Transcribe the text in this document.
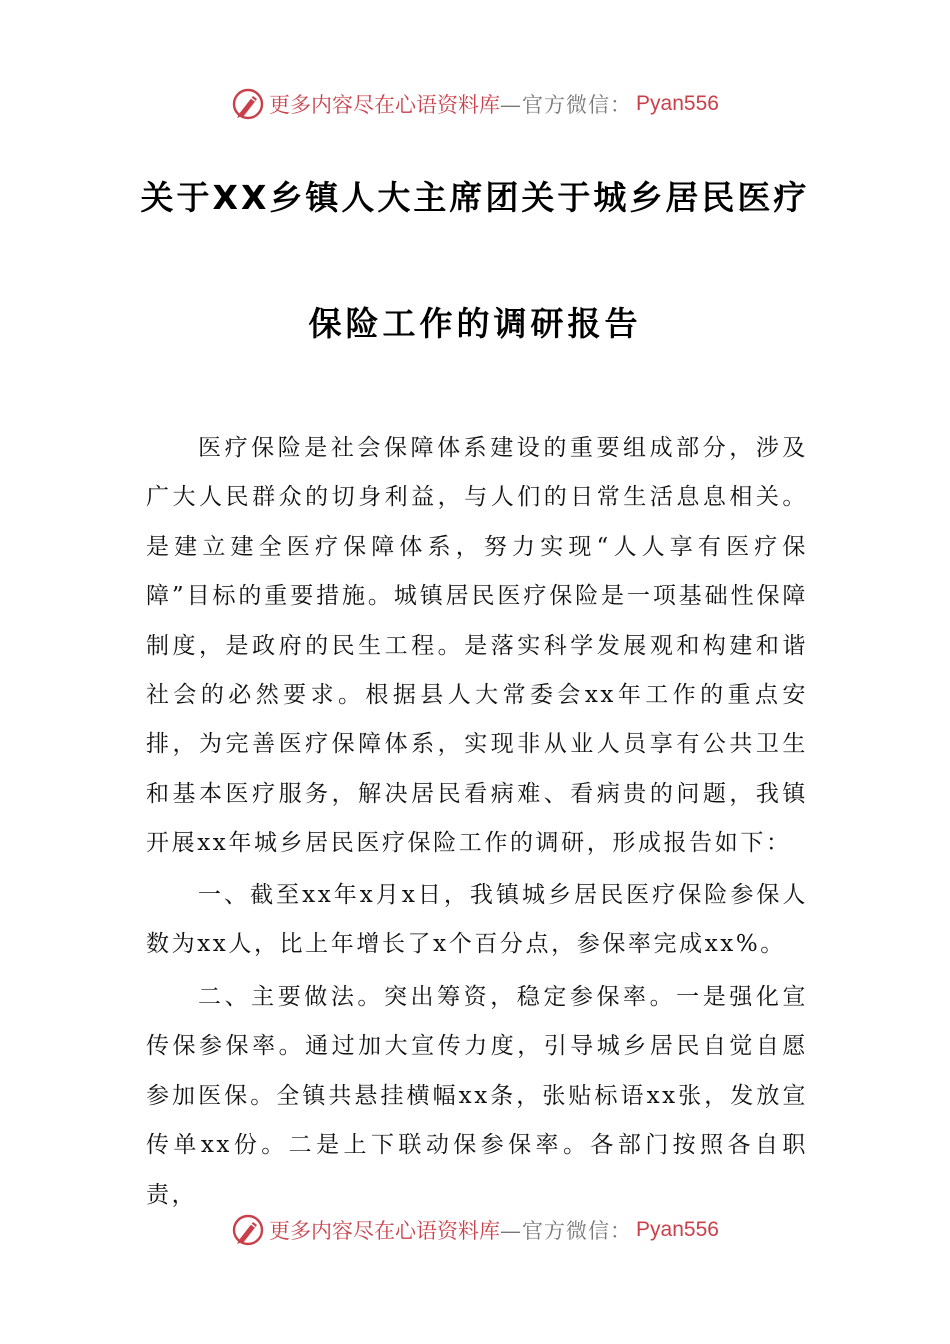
更多内容尽在心语资料库 —官方微信： Pyan556
关于XX乡镇人大主席团关于城乡居民医疗
保险工作的调研报告

医疗保险是社会保障体系建设的重要组成部分，涉及广大人民群众的切身利益，与人们的日常生活息息相关。是建立建全医疗保障体系，努力实现“人人享有医疗保障”目标的重要措施。城镇居民医疗保险是一项基础性保障制度，是政府的民生工程。是落实科学发展观和构建和谐社会的必然要求。根据县人大常委会xx年工作的重点安排，为完善医疗保障体系，实现非从业人员享有公共卫生和基本医疗服务，解决居民看病难、看病贵的问题，我镇开展xx年城乡居民医疗保险工作的调研，形成报告如下：

一、截至xx年x月x日，我镇城乡居民医疗保险参保人数为xx人，比上年增长了x个百分点，参保率完成xx%。

二、主要做法。突出筹资，稳定参保率。一是强化宣传保参保率。通过加大宣传力度，引导城乡居民自觉自愿参加医保。全镇共悬挂横幅xx条，张贴标语xx张，发放宣传单xx份。二是上下联动保参保率。各部门按照各自职责，

更多内容尽在心语资料库 —官方微信： Pyan556
